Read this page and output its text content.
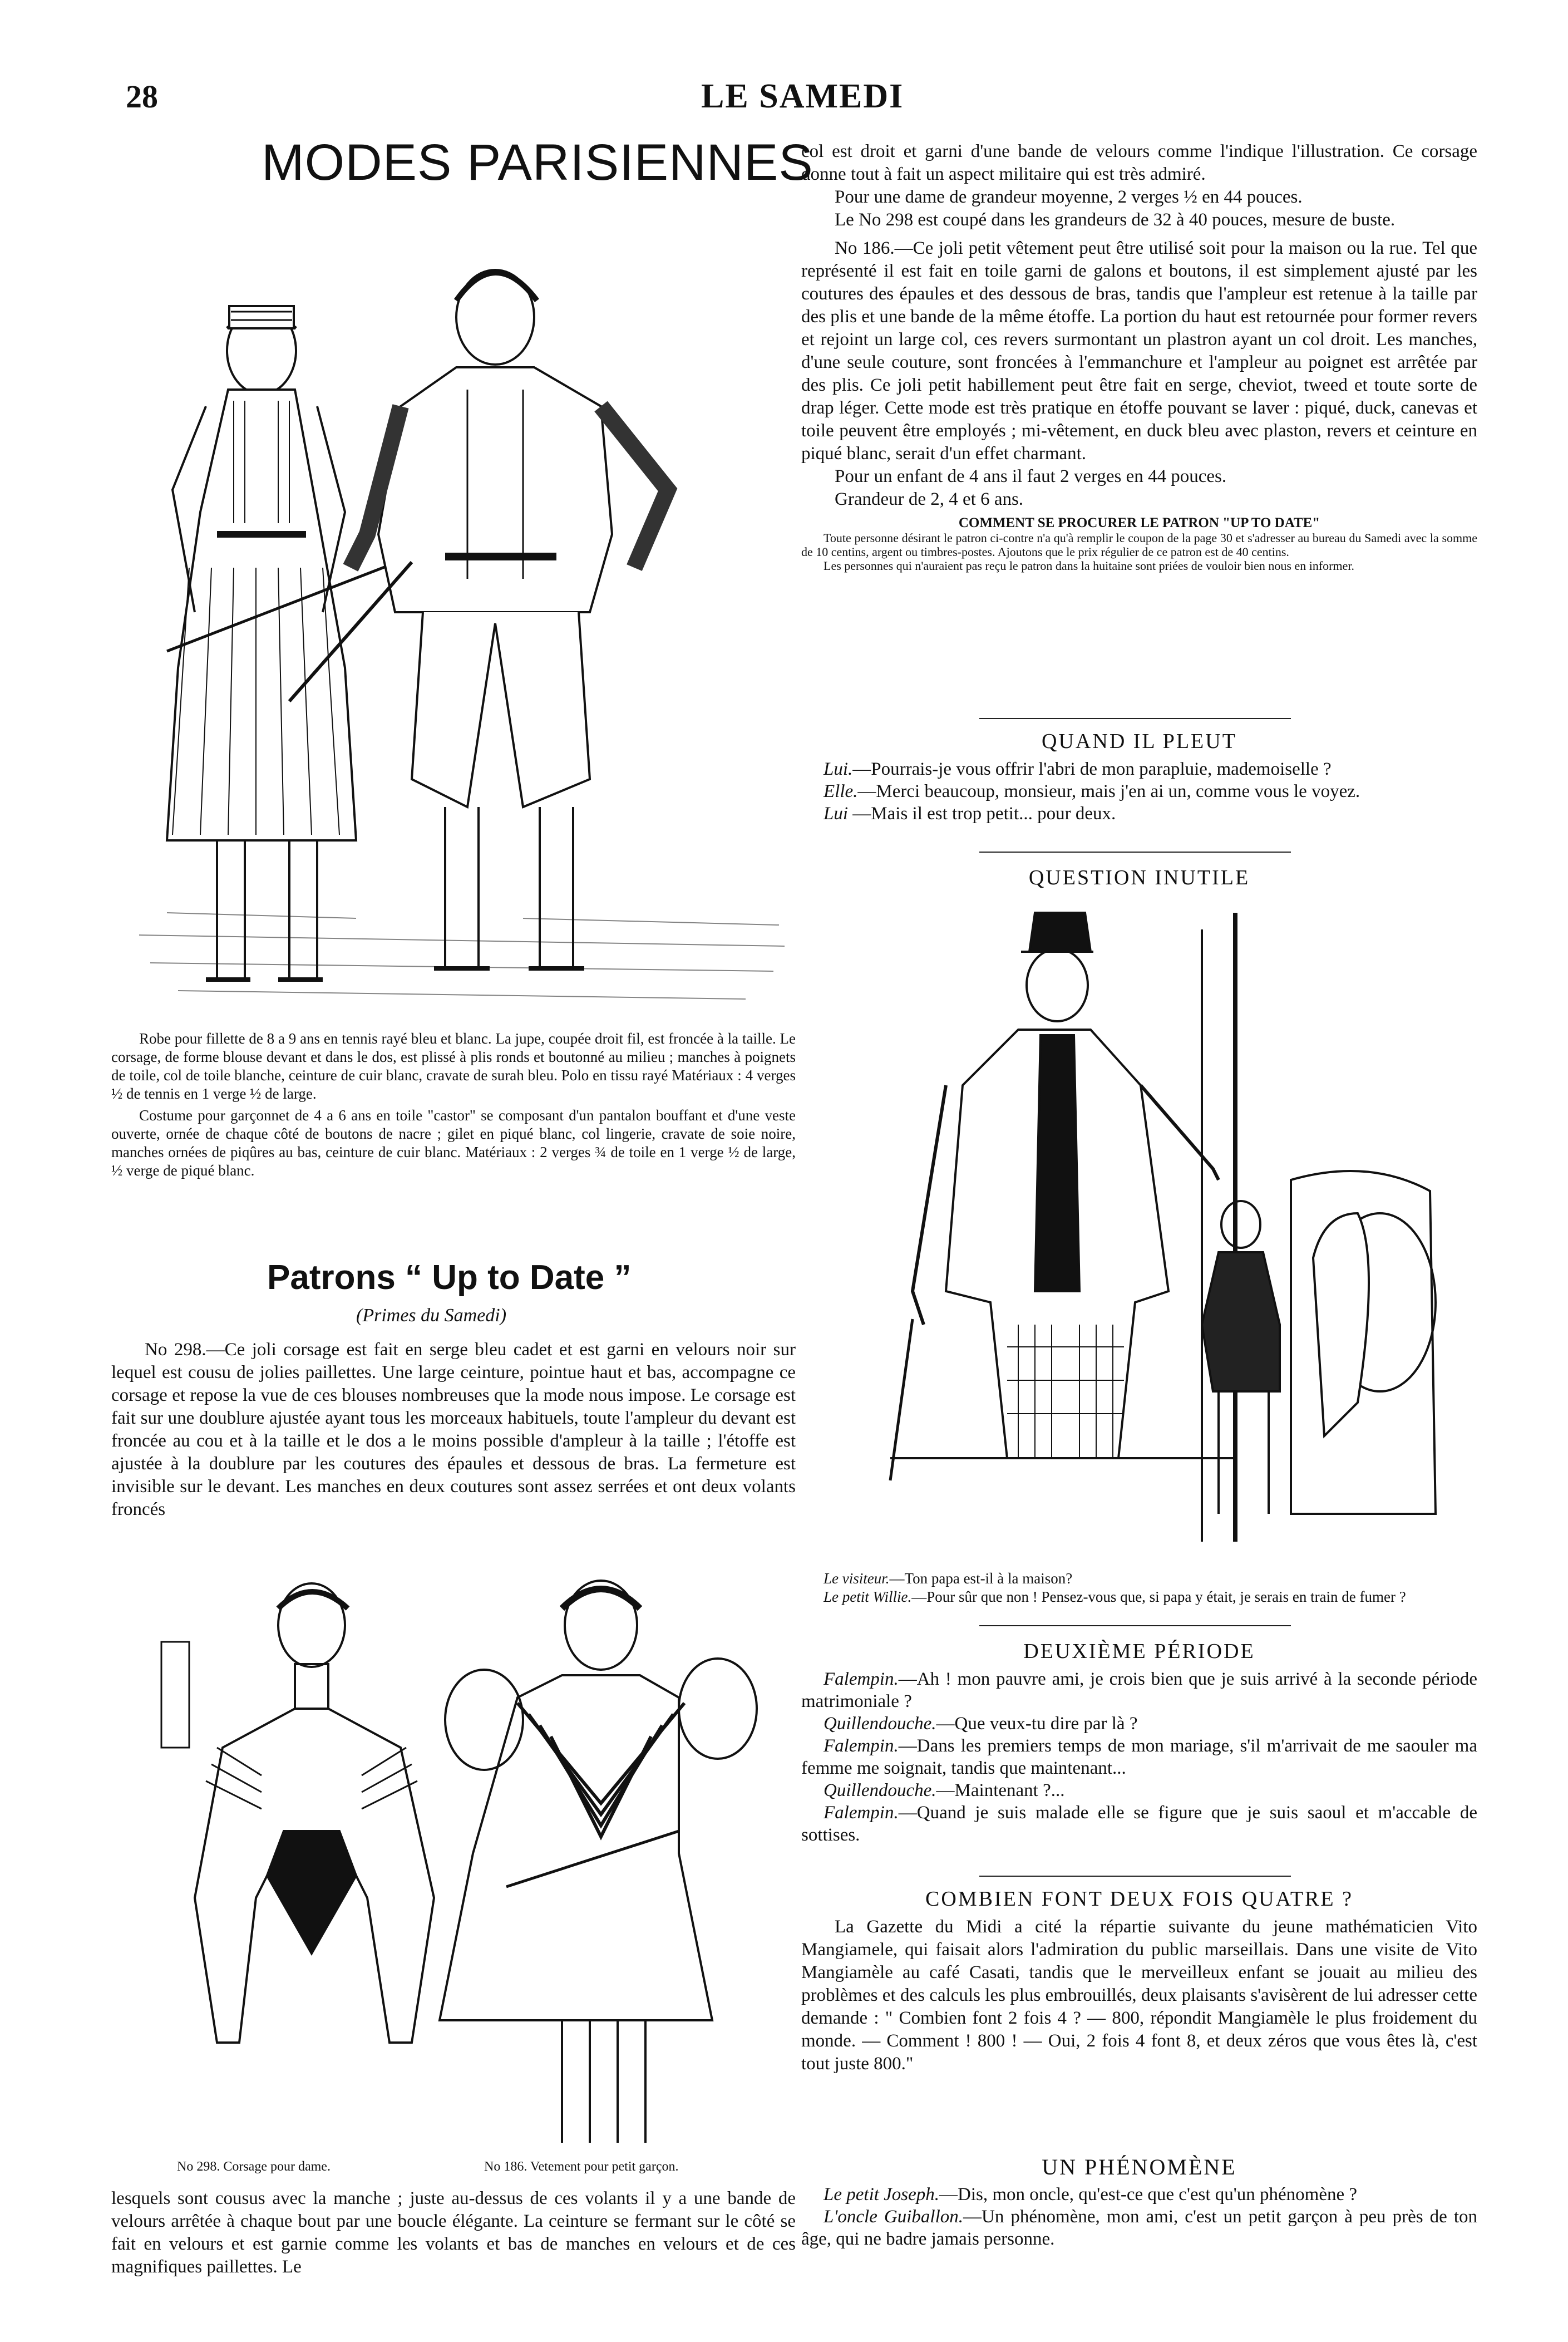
28	LE SAMEDI
MODES PARISIENNES

Robe pour fillette de 8 a 9 ans en tennis rayé bleu et blanc. La jupe, coupée droit fil, est froncée à la taille. Le corsage, de forme blouse devant et dans le dos, est plissé à plis ronds et boutonné au milieu ; manches à poignets de toile, col de toile blanche, ceinture de cuir blanc, cravate de surah bleu. Polo en tissu rayé Matériaux : 4 verges ½ de tennis en 1 verge ½ de large.

Costume pour garçonnet de 4 a 6 ans en toile "castor" se composant d'un pantalon bouffant et d'une veste ouverte, ornée de chaque côté de boutons de nacre ; gilet en piqué blanc, col lingerie, cravate de soie noire, manches ornées de piqûres au bas, ceinture de cuir blanc. Matériaux : 2 verges ¾ de toile en 1 verge ½ de large, ½ verge de piqué blanc.

Patrons “ Up to Date ”
(Primes du Samedi)

No 298.—Ce joli corsage est fait en serge bleu cadet et est garni en velours noir sur lequel est cousu de jolies paillettes. Une large ceinture, pointue haut et bas, accompagne ce corsage et repose la vue de ces blouses nombreuses que la mode nous impose. Le corsage est fait sur une doublure ajustée ayant tous les morceaux habituels, toute l'ampleur du devant est froncée au cou et à la taille et le dos a le moins possible d'ampleur à la taille ; l'étoffe est ajustée à la doublure par les coutures des épaules et dessous de bras. La fermeture est invisible sur le devant. Les manches en deux coutures sont assez serrées et ont deux volants froncés

No 298. Corsage pour dame.	No 186. Vetement pour petit garçon.

lesquels sont cousus avec la manche ; juste au-dessus de ces volants il y a une bande de velours arrêtée à chaque bout par une boucle élégante. La ceinture se fermant sur le côté se fait en velours et est garnie comme les volants et bas de manches en velours et de ces magnifiques paillettes. Le

col est droit et garni d'une bande de velours comme l'indique l'illustration. Ce corsage donne tout à fait un aspect militaire qui est très admiré.

Pour une dame de grandeur moyenne, 2 verges ½ en 44 pouces.

Le No 298 est coupé dans les grandeurs de 32 à 40 pouces, mesure de buste.

No 186.—Ce joli petit vêtement peut être utilisé soit pour la maison ou la rue. Tel que représenté il est fait en toile garni de galons et boutons, il est simplement ajusté par les coutures des épaules et des dessous de bras, tandis que l'ampleur est retenue à la taille par des plis et une bande de la même étoffe. La portion du haut est retournée pour former revers et rejoint un large col, ces revers surmontant un plastron ayant un col droit. Les manches, d'une seule couture, sont froncées à l'emmanchure et l'ampleur au poignet est arrêtée par des plis. Ce joli petit habillement peut être fait en serge, cheviot, tweed et toute sorte de drap léger. Cette mode est très pratique en étoffe pouvant se laver : piqué, duck, canevas et toile peuvent être employés ; mi-vêtement, en duck bleu avec plaston, revers et ceinture en piqué blanc, serait d'un effet charmant.

Pour un enfant de 4 ans il faut 2 verges en 44 pouces.

Grandeur de 2, 4 et 6 ans.

COMMENT SE PROCURER LE PATRON "UP TO DATE"

Toute personne désirant le patron ci-contre n'a qu'à remplir le coupon de la page 30 et s'adresser au bureau du Samedi avec la somme de 10 centins, argent ou timbres-postes. Ajoutons que le prix régulier de ce patron est de 40 centins.

Les personnes qui n'auraient pas reçu le patron dans la huitaine sont priées de vouloir bien nous en informer.

QUAND IL PLEUT

Lui.—Pourrais-je vous offrir l'abri de mon parapluie, mademoiselle ?

Elle.—Merci beaucoup, monsieur, mais j'en ai un, comme vous le voyez.

Lui —Mais il est trop petit... pour deux.

QUESTION INUTILE

Le visiteur.—Ton papa est-il à la maison?

Le petit Willie.—Pour sûr que non ! Pensez-vous que, si papa y était, je serais en train de fumer ?

DEUXIÈME PÉRIODE

Falempin.—Ah ! mon pauvre ami, je crois bien que je suis arrivé à la seconde période matrimoniale ?

Quillendouche.—Que veux-tu dire par là ?

Falempin.—Dans les premiers temps de mon mariage, s'il m'arrivait de me saouler ma femme me soignait, tandis que maintenant...

Quillendouche.—Maintenant ?...

Falempin.—Quand je suis malade elle se figure que je suis saoul et m'accable de sottises.

COMBIEN FONT DEUX FOIS QUATRE ?

La Gazette du Midi a cité la répartie suivante du jeune mathématicien Vito Mangiamele, qui faisait alors l'admiration du public marseillais. Dans une visite de Vito Mangiamèle au café Casati, tandis que le merveilleux enfant se jouait au milieu des problèmes et des calculs les plus embrouillés, deux plaisants s'avisèrent de lui adresser cette demande : " Combien font 2 fois 4 ? — 800, répondit Mangiamèle le plus froidement du monde. — Comment ! 800 ! — Oui, 2 fois 4 font 8, et deux zéros que vous êtes là, c'est tout juste 800."

UN PHÉNOMÈNE

Le petit Joseph.—Dis, mon oncle, qu'est-ce que c'est qu'un phénomène ?

L'oncle Guiballon.—Un phénomène, mon ami, c'est un petit garçon à peu près de ton âge, qui ne badre jamais personne.
